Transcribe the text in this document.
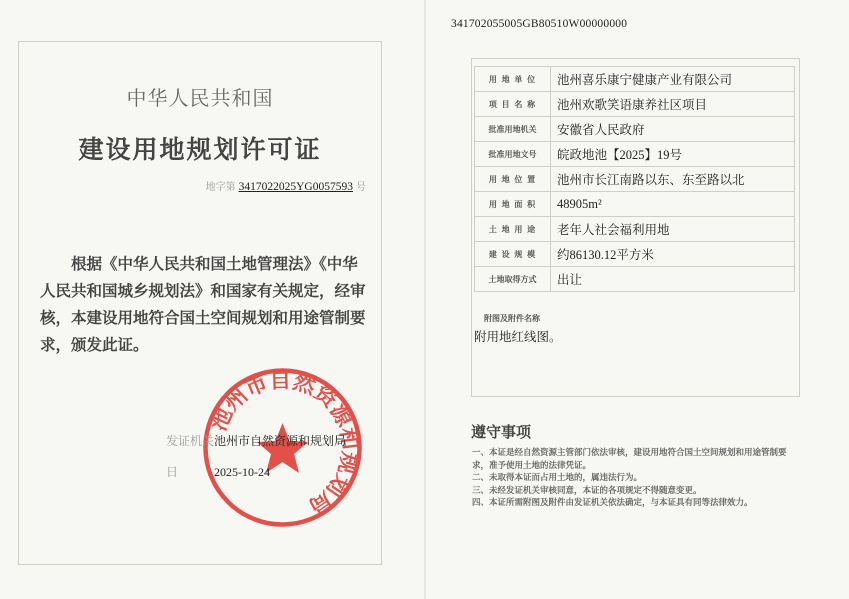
341702055005GB80510W00000000
中华人民共和国
建设用地规划许可证
地字第 3417022025YG0057593 号
根据《中华人民共和国土地管理法》《中华人民共和国城乡规划法》和国家有关规定，经审核，本建设用地符合国土空间规划和用途管制要求，颁发此证。
池州市自然资源和规划局
发证机关池州市自然资源和规划局
日	2025-10-24
用 地 单 位	池州喜乐康宁健康产业有限公司
项 目 名 称	池州欢歌笑语康养社区项目
批准用地机关	安徽省人民政府
批准用地文号	皖政地池【2025】19号
用 地 位 置	池州市长江南路以东、东至路以北
用 地 面 积	48905m²
土 地 用 途	老年人社会福利用地
建 设 规 模	约86130.12平方米
土地取得方式	出让
附图及附件名称
附用地红线图。
遵守事项
一、本证是经自然资源主管部门依法审核，建设用地符合国土空间规划和用途管制要求，准予使用土地的法律凭证。
二、未取得本证而占用土地的，属违法行为。
三、未经发证机关审核同意，本证的各项规定不得随意变更。
四、本证所需附图及附件由发证机关依法确定，与本证具有同等法律效力。
